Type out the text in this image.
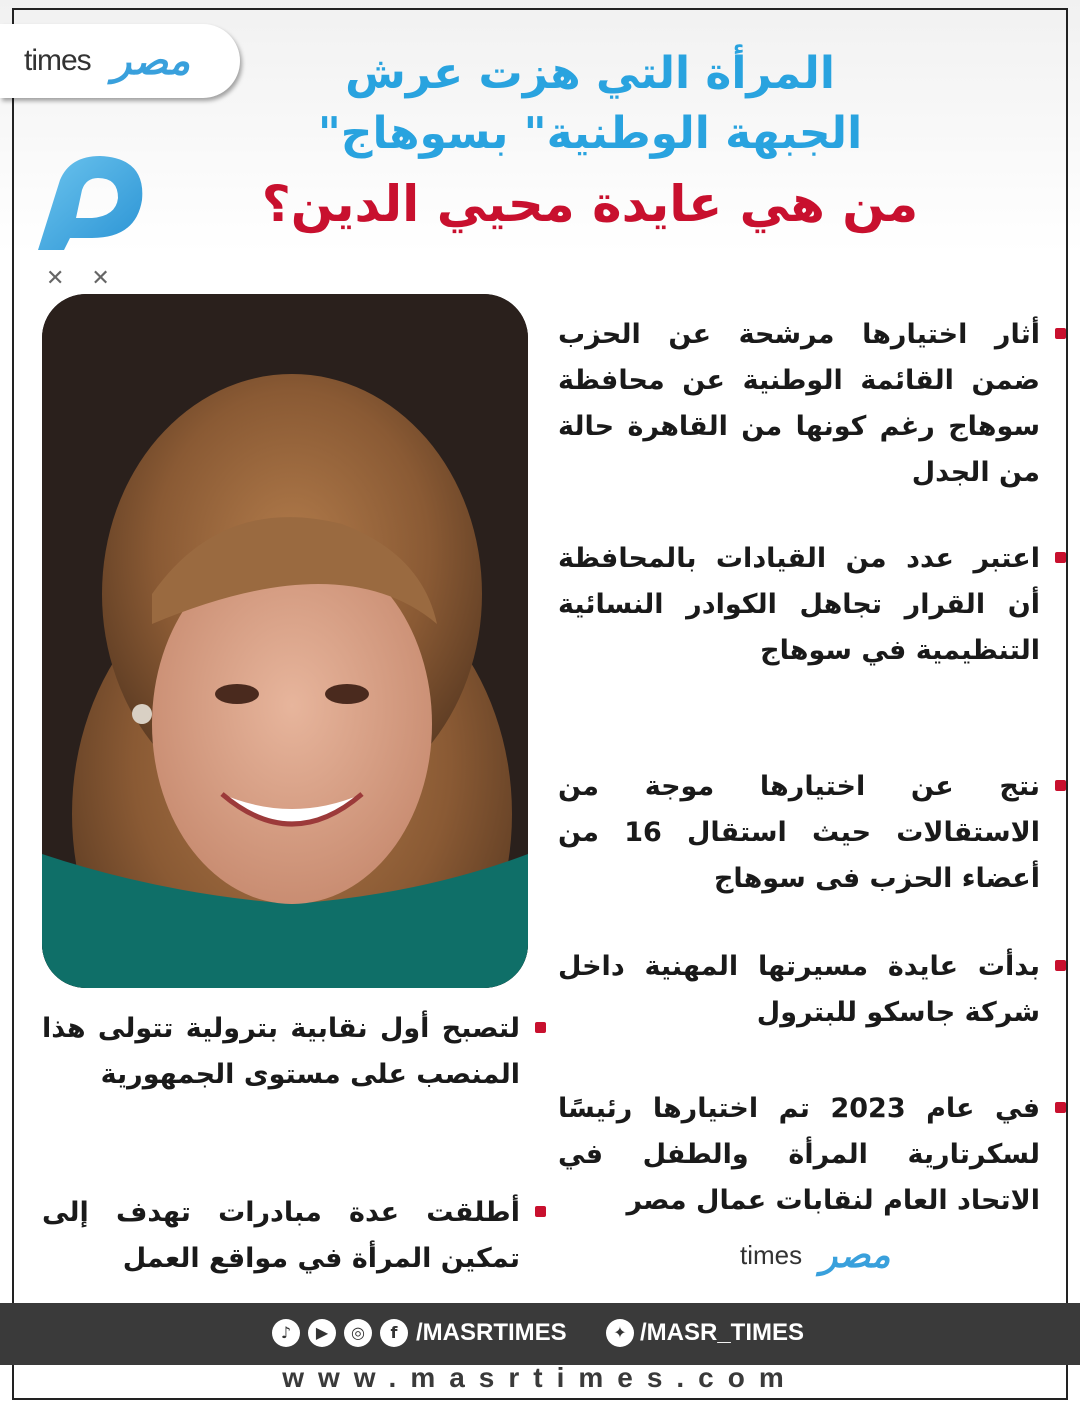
times مصر
✕ ✕
المرأة التي هزت عرش
الجبهة الوطنية" بسوهاج"
من هي عايدة محيي الدين؟
أثار اختيارها مرشحة عن الحزب ضمن القائمة الوطنية عن محافظة سوهاج رغم كونها من القاهرة حالة من الجدل
اعتبر عدد من القيادات بالمحافظة أن القرار تجاهل الكوادر النسائية التنظيمية في سوهاج
نتج عن اختيارها موجة من الاستقالات حيث استقال 16 من أعضاء الحزب فى سوهاج
بدأت عايدة مسيرتها المهنية داخل شركة جاسكو للبترول
في عام 2023 تم اختيارها رئيسًا لسكرتارية المرأة والطفل في الاتحاد العام لنقابات عمال مصر
لتصبح أول نقابية بترولية تتولى هذا المنصب على مستوى الجمهورية
أطلقت عدة مبادرات تهدف إلى تمكين المرأة في مواقع العمل	times مصر
♪	▶	◎	f /MASRTIMES	✦ /MASR_TIMES
www.masrtimes.com
